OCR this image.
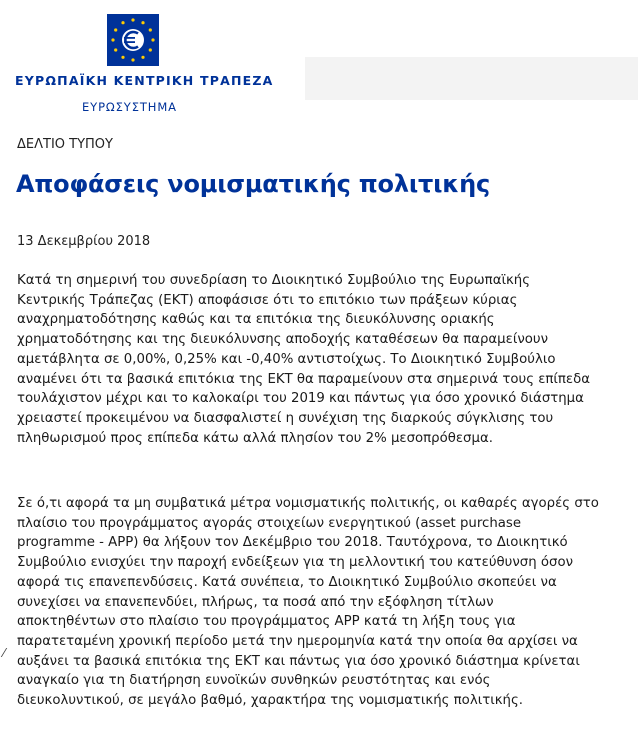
ΕΥΡΩΠΑΪΚΗ ΚΕΝΤΡΙΚΗ ΤΡΑΠΕΖΑ
ΕΥΡΩΣΥΣΤΗΜΑ
ΔΕΛΤΙΟ ΤΥΠΟΥ
Αποφάσεις νομισματικής πολιτικής
13 Δεκεμβρίου 2018

Κατά τη σημερινή του συνεδρίαση το Διοικητικό Συμβούλιο της Ευρωπαϊκής
Κεντρικής Τράπεζας (ΕΚΤ) αποφάσισε ότι το επιτόκιο των πράξεων κύριας
αναχρηματοδότησης καθώς και τα επιτόκια της διευκόλυνσης οριακής
χρηματοδότησης και της διευκόλυνσης αποδοχής καταθέσεων θα παραμείνουν
αμετάβλητα σε 0,00%, 0,25% και -0,40% αντιστοίχως. Το Διοικητικό Συμβούλιο
αναμένει ότι τα βασικά επιτόκια της ΕΚΤ θα παραμείνουν στα σημερινά τους επίπεδα
τουλάχιστον μέχρι και το καλοκαίρι του 2019 και πάντως για όσο χρονικό διάστημα
χρειαστεί προκειμένου να διασφαλιστεί η συνέχιση της διαρκούς σύγκλισης του
πληθωρισμού προς επίπεδα κάτω αλλά πλησίον του 2% μεσοπρόθεσμα.

Σε ό,τι αφορά τα μη συμβατικά μέτρα νομισματικής πολιτικής, οι καθαρές αγορές στο
πλαίσιο του προγράμματος αγοράς στοιχείων ενεργητικού (asset purchase
programme - APP) θα λήξουν τον Δεκέμβριο του 2018. Ταυτόχρονα, το Διοικητικό
Συμβούλιο ενισχύει την παροχή ενδείξεων για τη μελλοντική του κατεύθυνση όσον
αφορά τις επανεπενδύσεις. Κατά συνέπεια, το Διοικητικό Συμβούλιο σκοπεύει να
συνεχίσει να επανεπενδύει, πλήρως, τα ποσά από την εξόφληση τίτλων
αποκτηθέντων στο πλαίσιο του προγράμματος APP κατά τη λήξη τους για
παρατεταμένη χρονική περίοδο μετά την ημερομηνία κατά την οποία θα αρχίσει να
αυξάνει τα βασικά επιτόκια της ΕΚΤ και πάντως για όσο χρονικό διάστημα κρίνεται
αναγκαίο για τη διατήρηση ευνοϊκών συνθηκών ρευστότητας και ενός
διευκολυντικού, σε μεγάλο βαθμό, χαρακτήρα της νομισματικής πολιτικής.

⁄
